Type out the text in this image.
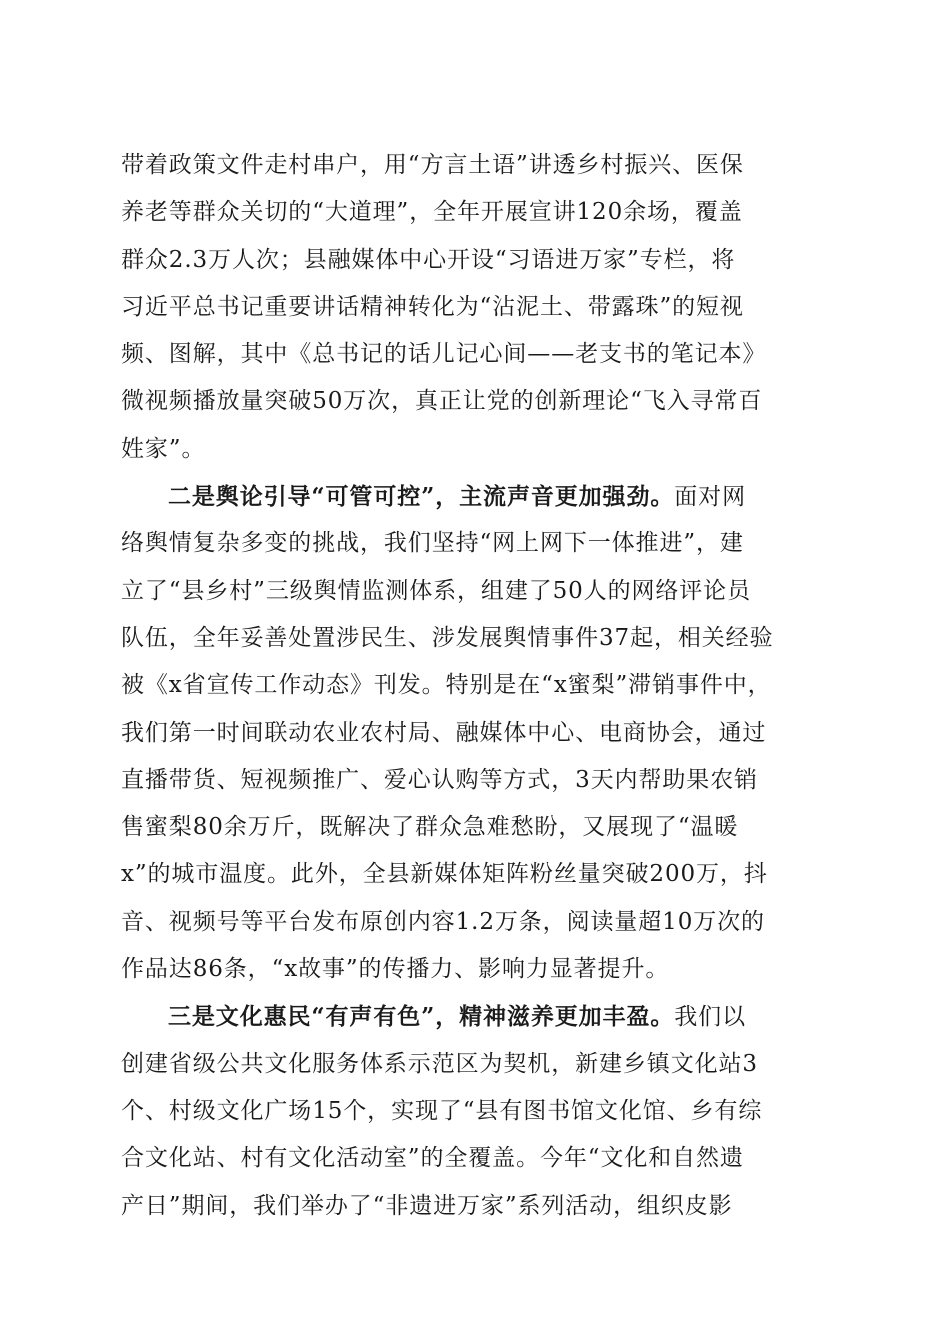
带着政策文件走村串户，用“方言土语”讲透乡村振兴、医保
养老等群众关切的“大道理”，全年开展宣讲120余场，覆盖
群众2.3万人次；县融媒体中心开设“习语进万家”专栏，将
习近平总书记重要讲话精神转化为“沾泥土、带露珠”的短视
频、图解，其中《总书记的话儿记心间——老支书的笔记本》
微视频播放量突破50万次，真正让党的创新理论“飞入寻常百
姓家”。
二是舆论引导“可管可控”，主流声音更加强劲。面对网
络舆情复杂多变的挑战，我们坚持“网上网下一体推进”，建
立了“县乡村”三级舆情监测体系，组建了50人的网络评论员
队伍，全年妥善处置涉民生、涉发展舆情事件37起，相关经验
被《x省宣传工作动态》刊发。特别是在“x蜜梨”滞销事件中，
我们第一时间联动农业农村局、融媒体中心、电商协会，通过
直播带货、短视频推广、爱心认购等方式，3天内帮助果农销
售蜜梨80余万斤，既解决了群众急难愁盼，又展现了“温暖
x”的城市温度。此外，全县新媒体矩阵粉丝量突破200万，抖
音、视频号等平台发布原创内容1.2万条，阅读量超10万次的
作品达86条，“x故事”的传播力、影响力显著提升。
三是文化惠民“有声有色”，精神滋养更加丰盈。我们以
创建省级公共文化服务体系示范区为契机，新建乡镇文化站3
个、村级文化广场15个，实现了“县有图书馆文化馆、乡有综
合文化站、村有文化活动室”的全覆盖。今年“文化和自然遗
产日”期间，我们举办了“非遗进万家”系列活动，组织皮影
